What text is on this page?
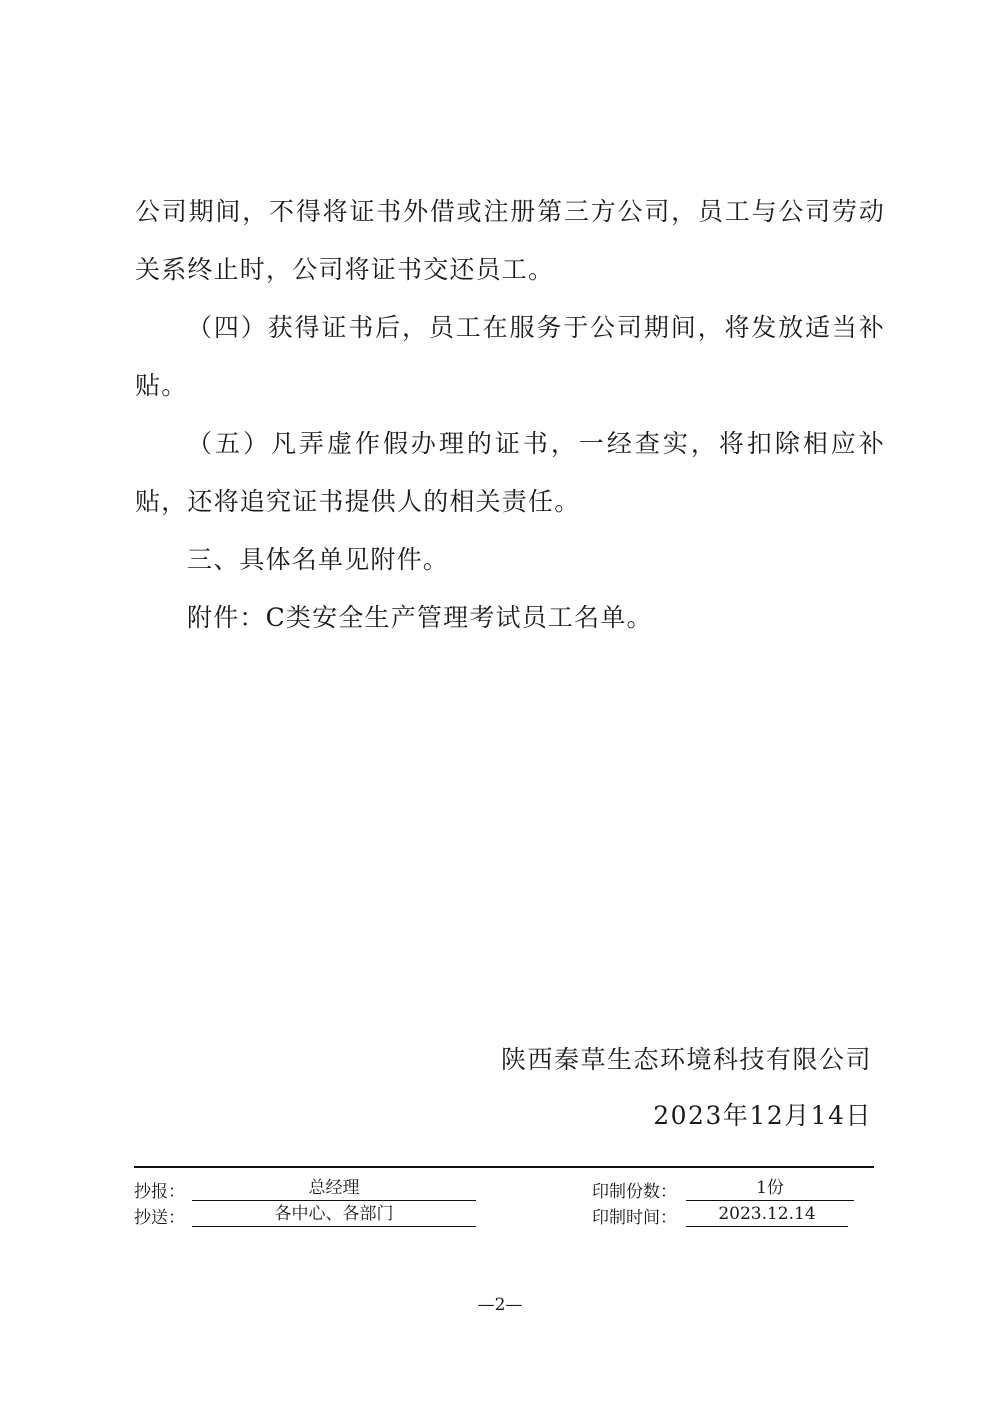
公司期间，不得将证书外借或注册第三方公司，员工与公司劳动关系终止时，公司将证书交还员工。

（四）获得证书后，员工在服务于公司期间，将发放适当补贴。

（五）凡弄虚作假办理的证书，一经查实，将扣除相应补贴，还将追究证书提供人的相关责任。

三、具体名单见附件。

附件：C类安全生产管理考试员工名单。

陕西秦草生态环境科技有限公司
2023年12月14日
抄报：	总经理	印制份数：	1份
抄送：	各中心、各部门	印制时间：	2023.12.14
—2—
